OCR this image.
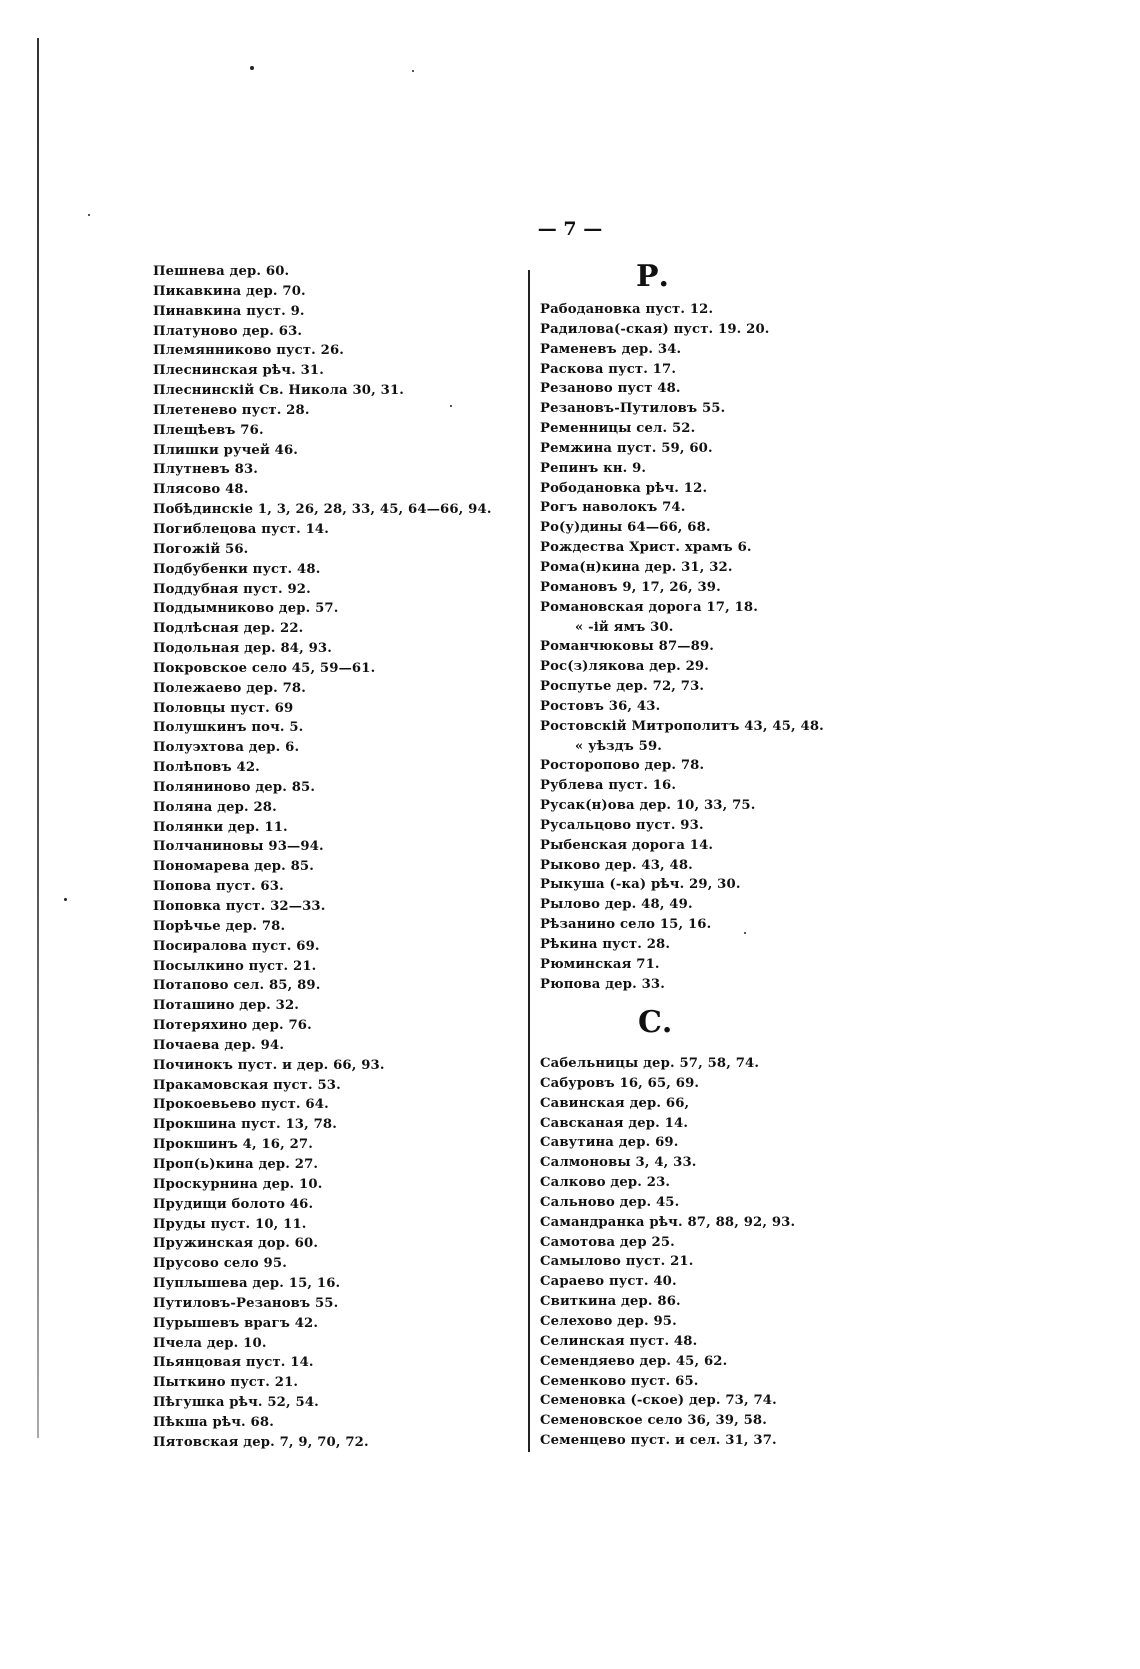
— 7 —
Пешнева дер. 60.
Пикавкина дер. 70.
Пинавкина пуст. 9.
Платуново дер. 63.
Племянниково пуст. 26.
Плеснинская рѣч. 31.
Плеснинскій Св. Никола 30, 31.
Плетенево пуст. 28.
Плещѣевъ 76.
Плишки ручей 46.
Плутневъ 83.
Плясово 48.
Побѣдинскіе 1, 3, 26, 28, 33, 45, 64—66, 94.
Погиблецова пуст. 14.
Погожій 56.
Подбубенки пуст. 48.
Поддубная пуст. 92.
Поддымниково дер. 57.
Подлѣсная дер. 22.
Подольная дер. 84, 93.
Покровское село 45, 59—61.
Полежаево дер. 78.
Половцы пуст. 69
Полушкинъ поч. 5.
Полуэхтова дер. 6.
Полѣповъ 42.
Поляниново дер. 85.
Поляна дер. 28.
Полянки дер. 11.
Полчаниновы 93—94.
Пономарева дер. 85.
Попова пуст. 63.
Поповка пуст. 32—33.
Порѣчье дер. 78.
Посиралова пуст. 69.
Посылкино пуст. 21.
Потапово сел. 85, 89.
Поташино дер. 32.
Потеряхино дер. 76.
Почаева дер. 94.
Починокъ пуст. и дер. 66, 93.
Пракамовская пуст. 53.
Прокоевьево пуст. 64.
Прокшина пуст. 13, 78.
Прокшинъ 4, 16, 27.
Проп(ь)кина дер. 27.
Проскурнина дер. 10.
Прудищи болото 46.
Пруды пуст. 10, 11.
Пружинская дор. 60.
Прусово село 95.
Пуплышева дер. 15, 16.
Путиловъ-Резановъ 55.
Пурышевъ врагъ 42.
Пчела дер. 10.
Пьянцовая пуст. 14.
Пыткино пуст. 21.
Пѣгушка рѣч. 52, 54.
Пѣкша рѣч. 68.
Пятовская дер. 7, 9, 70, 72.
Р.
Рабодановка пуст. 12.
Радилова(-ская) пуст. 19. 20.
Раменевъ дер. 34.
Раскова пуст. 17.
Резаново пуст 48.
Резановъ-Путиловъ 55.
Ременницы сел. 52.
Ремжина пуст. 59, 60.
Репинъ кн. 9.
Рободановка рѣч. 12.
Рогъ наволокъ 74.
Ро(у)дины 64—66, 68.
Рождества Христ. храмъ 6.
Рома(н)кина дер. 31, 32.
Романовъ 9, 17, 26, 39.
Романовская дорога 17, 18.
« -ій ямъ 30.
Романчюковы 87—89.
Рос(з)лякова дер. 29.
Роспутье дер. 72, 73.
Ростовъ 36, 43.
Ростовскій Митрополитъ 43, 45, 48.
« уѣздъ 59.
Росторопово дер. 78.
Рублева пуст. 16.
Русак(н)ова дер. 10, 33, 75.
Русальцово пуст. 93.
Рыбенская дорога 14.
Рыково дер. 43, 48.
Рыкуша (-ка) рѣч. 29, 30.
Рылово дер. 48, 49.
Рѣзанино село 15, 16.
Рѣкина пуст. 28.
Рюминская 71.
Рюпова дер. 33.
С.
Сабельницы дер. 57, 58, 74.
Сабуровъ 16, 65, 69.
Савинская дер. 66,
Савсканая дер. 14.
Савутина дер. 69.
Салмоновы 3, 4, 33.
Салково дер. 23.
Сальново дер. 45.
Самандранка рѣч. 87, 88, 92, 93.
Самотова дер 25.
Самылово пуст. 21.
Сараево пуст. 40.
Свиткина дер. 86.
Селехово дер. 95.
Селинская пуст. 48.
Семендяево дер. 45, 62.
Семенково пуст. 65.
Семеновка (-ское) дер. 73, 74.
Семеновское село 36, 39, 58.
Семенцево пуст. и сел. 31, 37.
